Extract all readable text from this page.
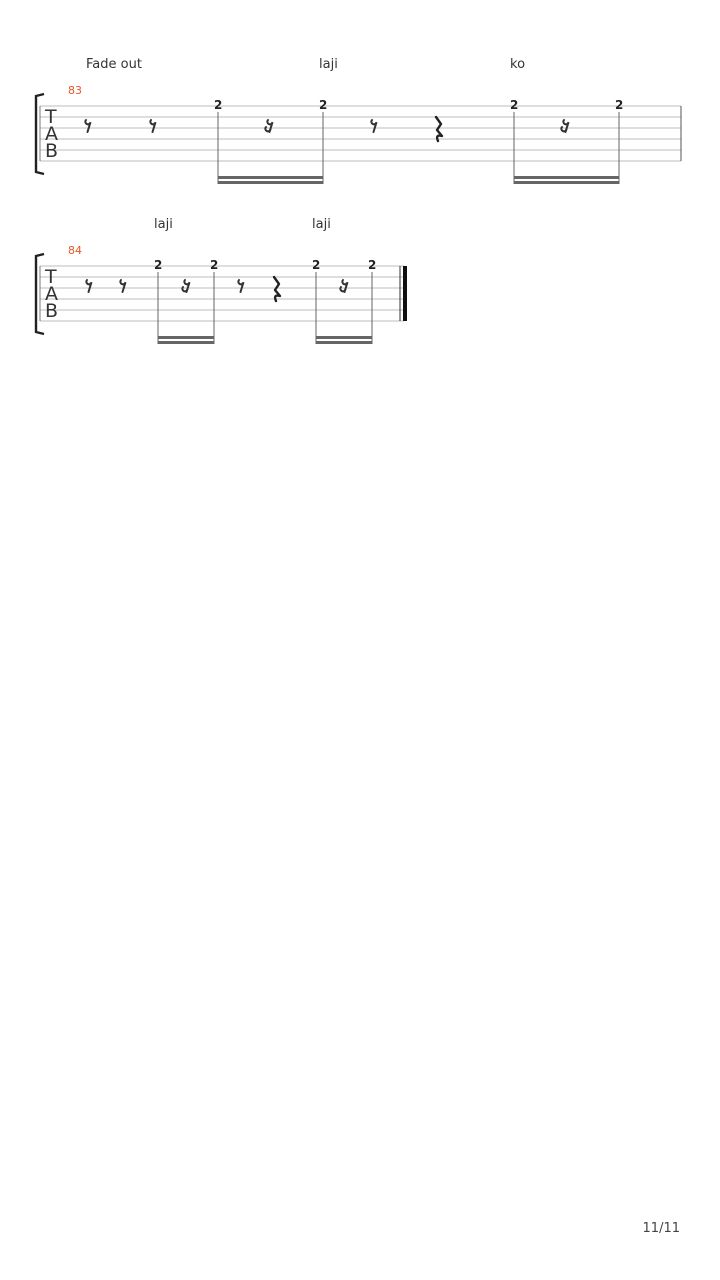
Fade out	laji	ko
83
T
A
B
2	2	2	2
laji	laji
84
T
A
B
2	2	2	2
11/11
